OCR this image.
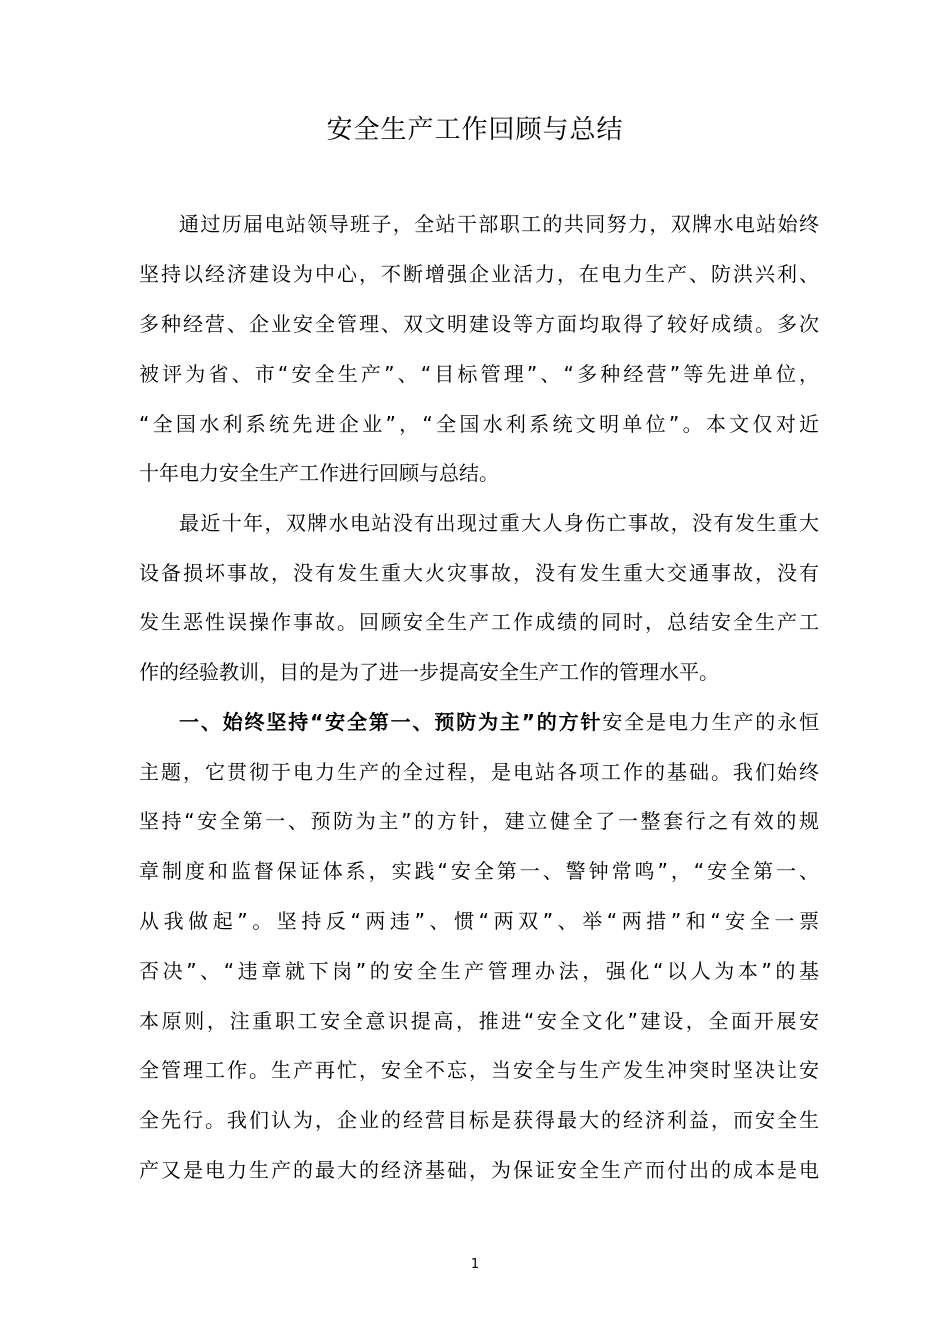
安全生产工作回顾与总结
通过历届电站领导班子，全站干部职工的共同努力，双牌水电站始终
坚持以经济建设为中心，不断增强企业活力，在电力生产、防洪兴利、
多种经营、企业安全管理、双文明建设等方面均取得了较好成绩。多次
被评为省、市“安全生产”、“目标管理”、“多种经营”等先进单位，
“全国水利系统先进企业”，“全国水利系统文明单位”。本文仅对近
十年电力安全生产工作进行回顾与总结。
最近十年，双牌水电站没有出现过重大人身伤亡事故，没有发生重大
设备损坏事故，没有发生重大火灾事故，没有发生重大交通事故，没有
发生恶性误操作事故。回顾安全生产工作成绩的同时，总结安全生产工
作的经验教训，目的是为了进一步提高安全生产工作的管理水平。
一、始终坚持“安全第一、预防为主”的方针安全是电力生产的永恒
主题，它贯彻于电力生产的全过程，是电站各项工作的基础。我们始终
坚持“安全第一、预防为主”的方针，建立健全了一整套行之有效的规
章制度和监督保证体系，实践“安全第一、警钟常鸣”，“安全第一、
从我做起”。坚持反“两违”、惯“两双”、举“两措”和“安全一票
否决”、“违章就下岗”的安全生产管理办法，强化“以人为本”的基
本原则，注重职工安全意识提高，推进“安全文化”建设，全面开展安
全管理工作。生产再忙，安全不忘，当安全与生产发生冲突时坚决让安
全先行。我们认为，企业的经营目标是获得最大的经济利益，而安全生
产又是电力生产的最大的经济基础，为保证安全生产而付出的成本是电
1
